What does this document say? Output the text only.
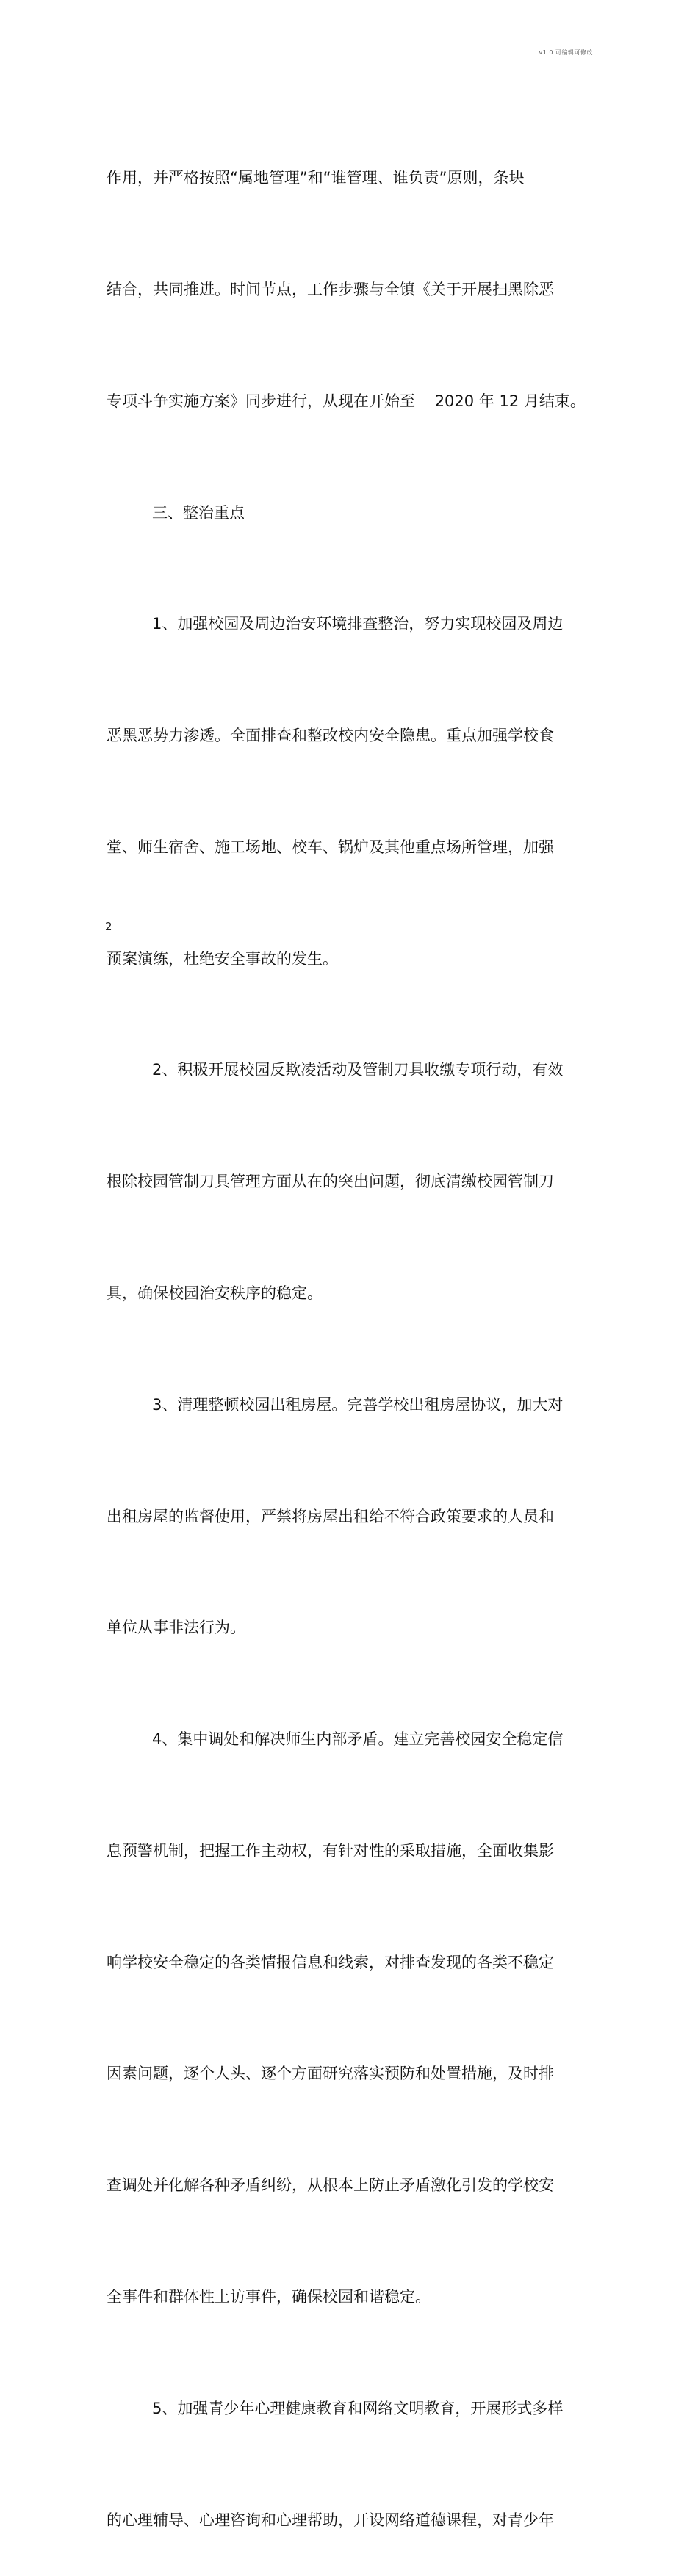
v1.0 可编辑可修改

作用，并严格按照“属地管理”和“谁管理、谁负责”原则，条块

结合，共同推进。时间节点，工作步骤与全镇《关于开展扫黑除恶

专项斗争实施方案》同步进行，从现在开始至    2020 年 12 月结束。

三、整治重点

1、加强校园及周边治安环境排查整治，努力实现校园及周边

恶黑恶势力渗透。全面排查和整改校内安全隐患。重点加强学校食

堂、师生宿舍、施工场地、校车、锅炉及其他重点场所管理，加强

预案演练，杜绝安全事故的发生。

2、积极开展校园反欺凌活动及管制刀具收缴专项行动，有效

根除校园管制刀具管理方面从在的突出问题，彻底清缴校园管制刀

具，确保校园治安秩序的稳定。

3、清理整顿校园出租房屋。完善学校出租房屋协议，加大对

出租房屋的监督使用，严禁将房屋出租给不符合政策要求的人员和

单位从事非法行为。

4、集中调处和解决师生内部矛盾。建立完善校园安全稳定信

息预警机制，把握工作主动权，有针对性的采取措施，全面收集影

响学校安全稳定的各类情报信息和线索，对排查发现的各类不稳定

因素问题，逐个人头、逐个方面研究落实预防和处置措施，及时排

查调处并化解各种矛盾纠纷，从根本上防止矛盾激化引发的学校安

全事件和群体性上访事件，确保校园和谐稳定。

5、加强青少年心理健康教育和网络文明教育，开展形式多样

的心理辅导、心理咨询和心理帮助，开设网络道德课程，对青少年

2
